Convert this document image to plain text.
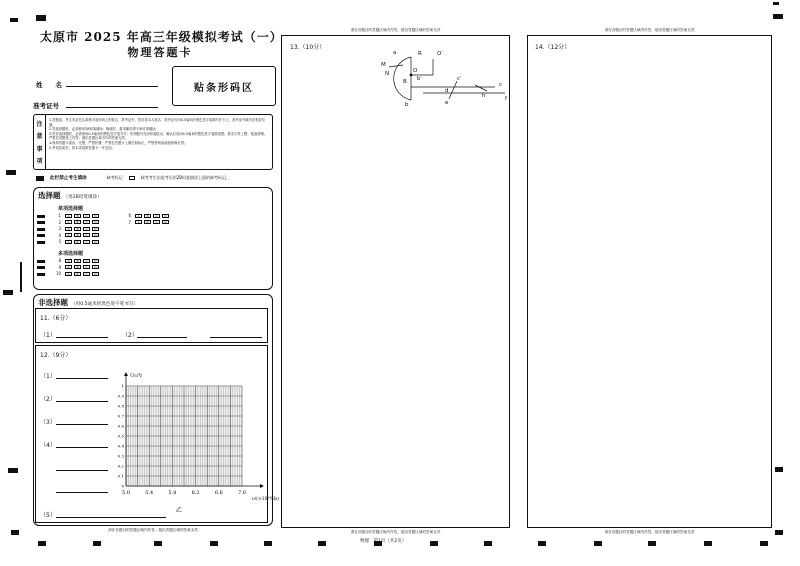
太原市 2025 年高三年级模拟考试（一）
物理答题卡
姓　　名
准考证号
贴条形码区
注
意
事
项
1.答题前，考生务必先认真核对条形码上的姓名、准考证号，然后将本人姓名、准考证号用0.5毫米的黑色签字笔填写在卡上，准考证号填写在相应位置。
2.答选择题时，必须使用2B铅笔填涂；修改时，要用橡皮擦干净后再填涂。
3.答非选择题时，必须使用0.5毫米的黑色签字笔书写；作图题可先用铅笔绘出，确认后再用0.5毫米的黑色签字笔描清楚。要求字体工整、笔迹清晰。严禁在试题卷上作答；超出答题区域书写的答案无效。
4.保持答题卡清洁、完整，严禁折叠，严禁在答题卡上做任何标记，严禁使用涂改液和修正带。
5.考试结束后，将本试卷和答题卡一并交回。
此栏禁止考生填涂	缺考标记	缺考考生由监考员用2B铅笔填涂上面的缺考标记。
选择题 （用2B铅笔填涂）
单项选择题
多项选择题
1	A	B	C	D
2	A	B	C	D
3	A	B	C	D
4	A	B	C	D
5	A	B	C	D
6	A	B	C	D
7	A	B	C	D
8	A	B	C	D
9	A	B	C	D
10	A	B	C	D
非选择题 （用0.5毫米的黑色签字笔书写）
11.（6分）
（1）	（2）
12.（9分）
（1）
（2）
（3）
（4）
（5）
5.0	5.4	5.8	6.2	6.6	7.0
1
0.9
0.8
0.7
0.6
0.5
0.4
0.3
0.2
0.1
0
ν/(×10¹⁴Hz)
Uc/V
乙
13.（10分）
a
M
N	O
R	O′
B b′
b
c′
d
e
h
c
f
14.（12分）
请在各题目的答题区域内作答，超出答题区域的答案无效	请在各题目的答题区域内作答，超出答题区域的答案无效
请在各题目的答题区域内作答，超出答题区域的答案无效	请在各题目的答题区域内作答，超出答题区域的答案无效	请在各题目的答题区域内作答，超出答题区域的答案无效
物理　第1页（共2页）
